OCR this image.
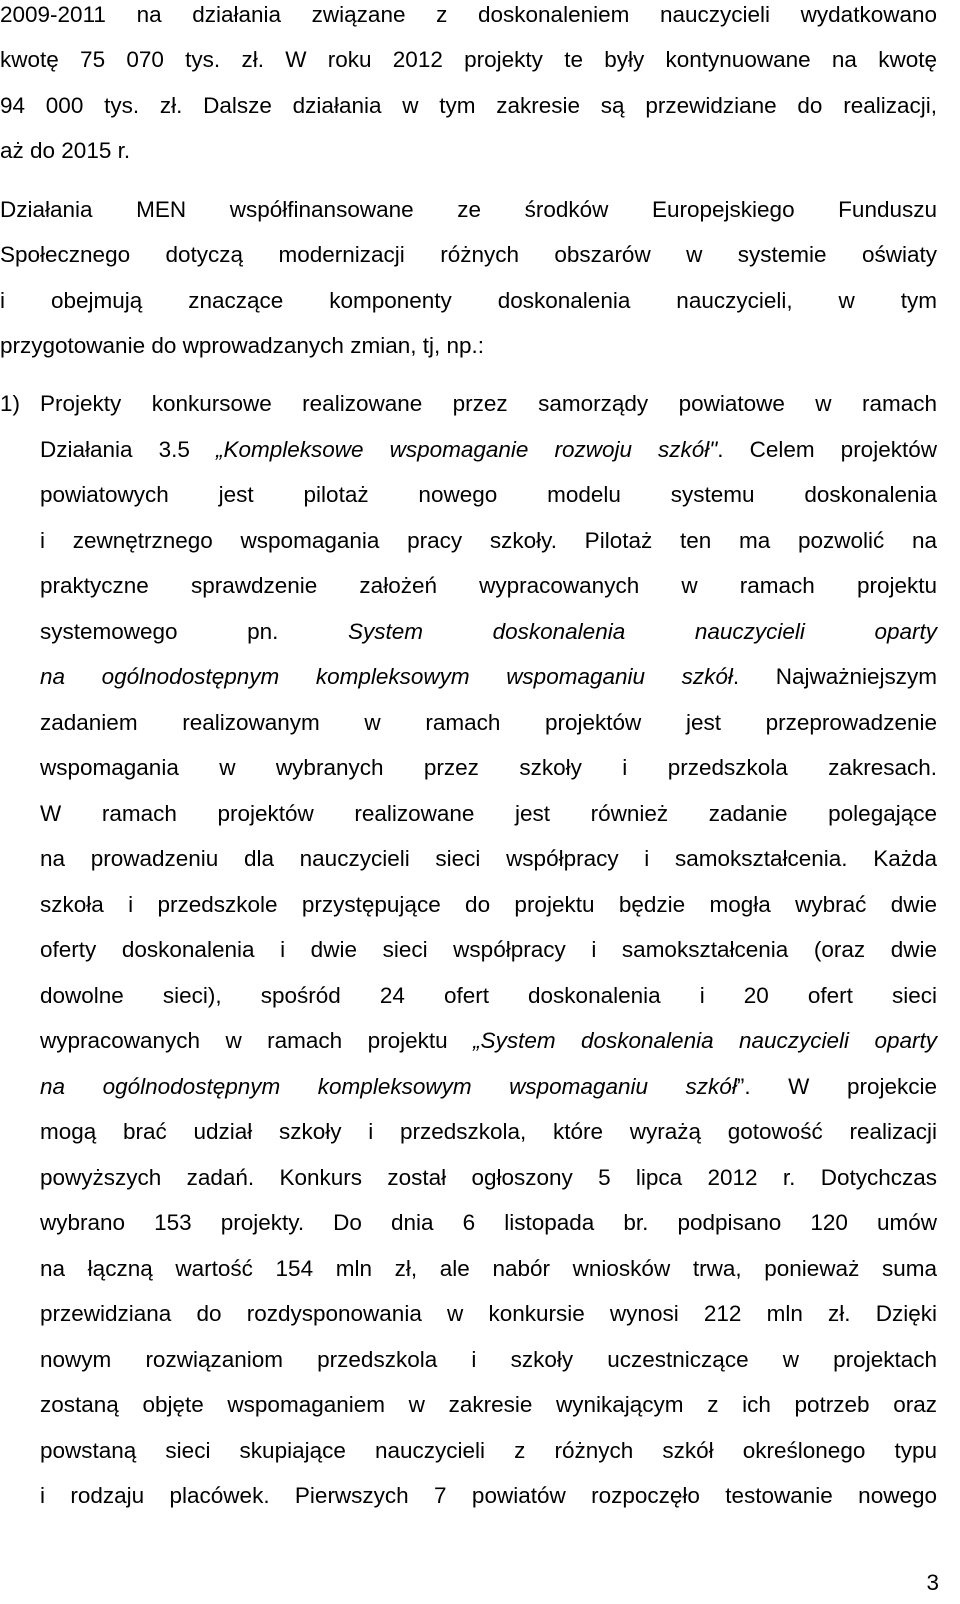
2009-2011 na działania związane z doskonaleniem nauczycieli wydatkowano

kwotę 75 070 tys. zł. W roku 2012 projekty te były kontynuowane na kwotę

94 000 tys. zł. Dalsze działania w tym zakresie są przewidziane do realizacji,

aż do 2015 r.

Działania MEN współfinansowane ze środków Europejskiego Funduszu

Społecznego dotyczą modernizacji różnych obszarów w systemie oświaty

i obejmują znaczące komponenty doskonalenia nauczycieli, w tym

przygotowanie do wprowadzanych zmian, tj, np.:

1) Projekty konkursowe realizowane przez samorządy powiatowe w ramach

Działania 3.5 „Kompleksowe wspomaganie rozwoju szkół". Celem projektów

powiatowych jest pilotaż nowego modelu systemu doskonalenia

i zewnętrznego wspomagania pracy szkoły. Pilotaż ten ma pozwolić na

praktyczne sprawdzenie założeń wypracowanych w ramach projektu

systemowego pn. System doskonalenia nauczycieli oparty

na ogólnodostępnym kompleksowym wspomaganiu szkół. Najważniejszym

zadaniem realizowanym w ramach projektów jest przeprowadzenie

wspomagania w wybranych przez szkoły i przedszkola zakresach.

W ramach projektów realizowane jest również zadanie polegające

na prowadzeniu dla nauczycieli sieci współpracy i samokształcenia. Każda

szkoła i przedszkole przystępujące do projektu będzie mogła wybrać dwie

oferty doskonalenia i dwie sieci współpracy i samokształcenia (oraz dwie

dowolne sieci), spośród 24 ofert doskonalenia i 20 ofert sieci

wypracowanych w ramach projektu „System doskonalenia nauczycieli oparty

na ogólnodostępnym kompleksowym wspomaganiu szkół”. W projekcie

mogą brać udział szkoły i przedszkola, które wyrażą gotowość realizacji

powyższych zadań. Konkurs został ogłoszony 5 lipca 2012 r. Dotychczas

wybrano 153 projekty. Do dnia 6 listopada br. podpisano 120 umów

na łączną wartość 154 mln zł, ale nabór wniosków trwa, ponieważ suma

przewidziana do rozdysponowania w konkursie wynosi 212 mln zł. Dzięki

nowym rozwiązaniom przedszkola i szkoły uczestniczące w projektach

zostaną objęte wspomaganiem w zakresie wynikającym z ich potrzeb oraz

powstaną sieci skupiające nauczycieli z różnych szkół określonego typu

i rodzaju placówek. Pierwszych 7 powiatów rozpoczęło testowanie nowego

3
